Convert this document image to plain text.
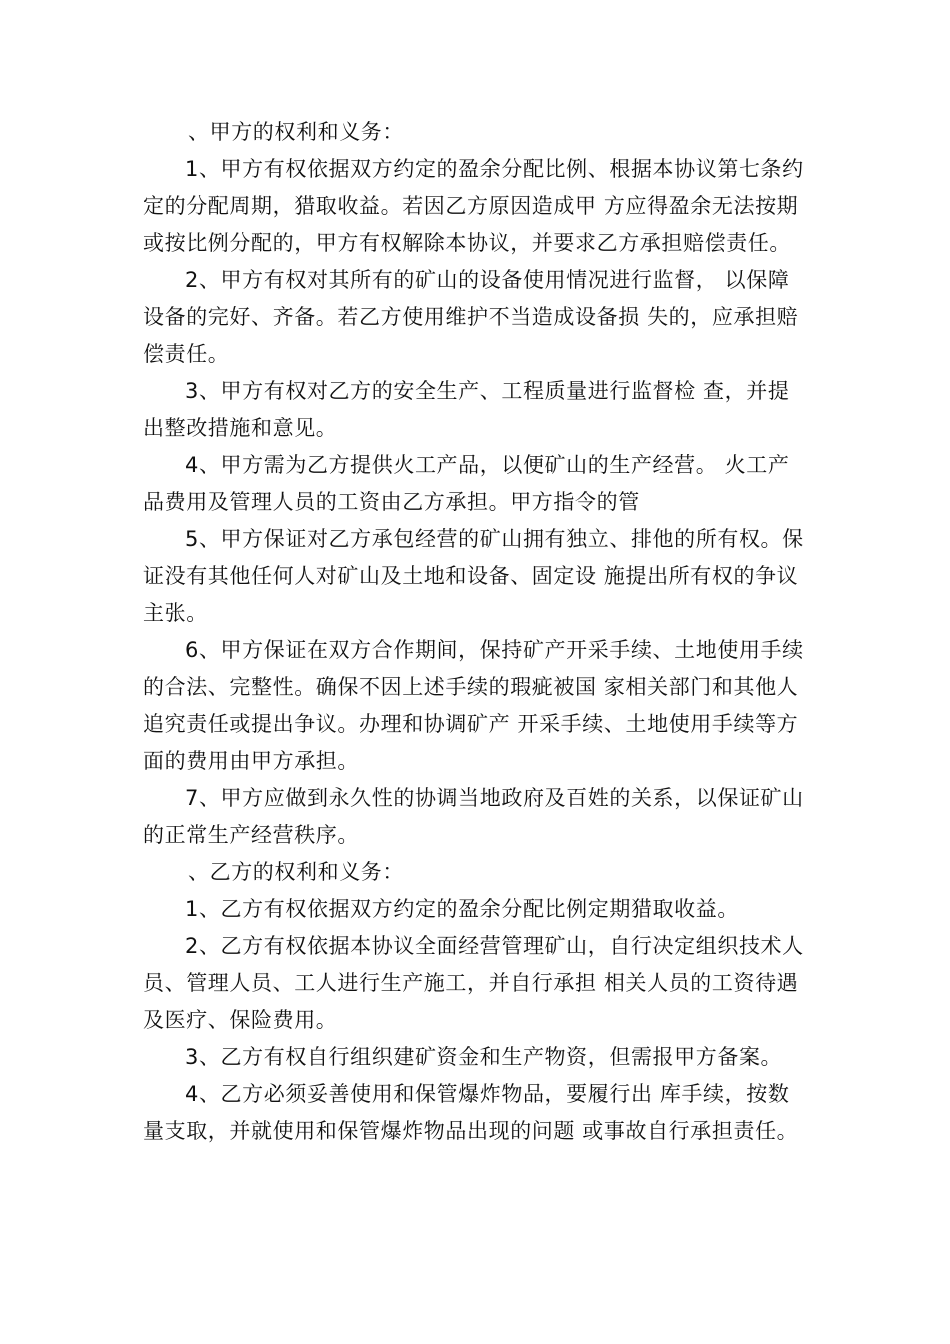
、甲方的权利和义务：

1、甲方有权依据双方约定的盈余分配比例、根据本协议第七条约定的分配周期，猎取收益。若因乙方原因造成甲 方应得盈余无法按期或按比例分配的，甲方有权解除本协议，并要求乙方承担赔偿责任。

2、甲方有权对其所有的矿山的设备使用情况进行监督， 以保障设备的完好、齐备。若乙方使用维护不当造成设备损 失的，应承担赔偿责任。

3、甲方有权对乙方的安全生产、工程质量进行监督检 查，并提出整改措施和意见。

4、甲方需为乙方提供火工产品，以便矿山的生产经营。 火工产品费用及管理人员的工资由乙方承担。甲方指令的管

5、甲方保证对乙方承包经营的矿山拥有独立、排他的所有权。保证没有其他任何人对矿山及土地和设备、固定设 施提出所有权的争议主张。

6、甲方保证在双方合作期间，保持矿产开采手续、土地使用手续的合法、完整性。确保不因上述手续的瑕疵被国 家相关部门和其他人追究责任或提出争议。办理和协调矿产 开采手续、土地使用手续等方面的费用由甲方承担。

7、甲方应做到永久性的协调当地政府及百姓的关系，以保证矿山的正常生产经营秩序。

、乙方的权利和义务：

1、乙方有权依据双方约定的盈余分配比例定期猎取收益。

2、乙方有权依据本协议全面经营管理矿山，自行决定组织技术人员、管理人员、工人进行生产施工，并自行承担 相关人员的工资待遇及医疗、保险费用。

3、乙方有权自行组织建矿资金和生产物资，但需报甲方备案。

4、乙方必须妥善使用和保管爆炸物品，要履行出 库手续，按数量支取，并就使用和保管爆炸物品出现的问题 或事故自行承担责任。
